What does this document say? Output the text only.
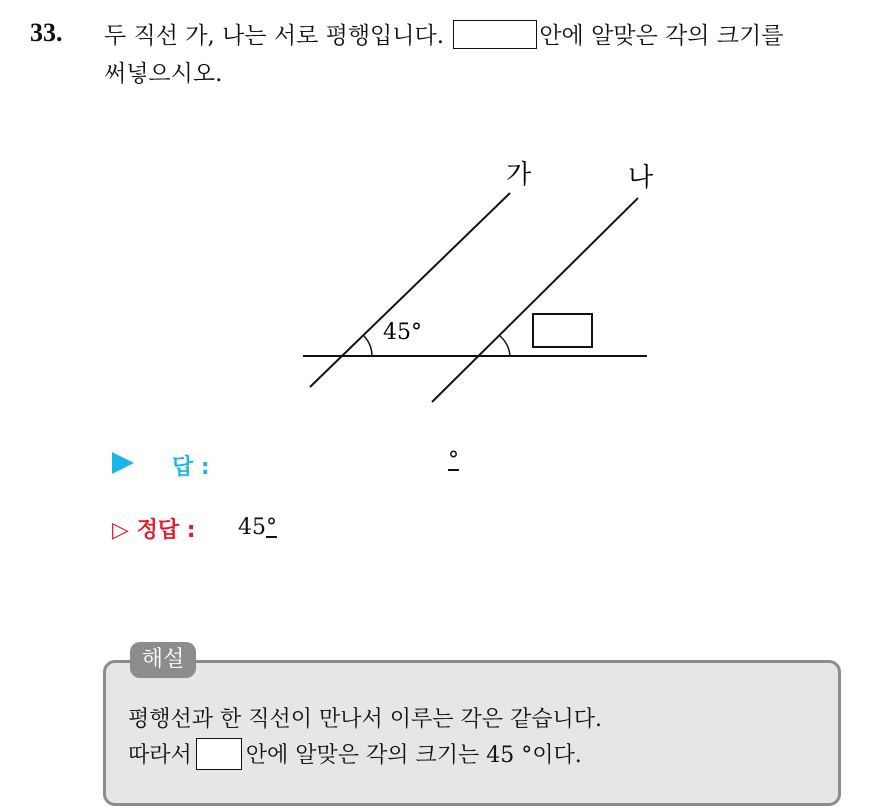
33. 두 직선 가, 나는 서로 평행입니다.	안에 알맞은 각의 크기를
써넣으시오.
가	나
45°
답 :	°
▷ 정답 : 45°
해설
평행선과 한 직선이 만나서 이루는 각은 같습니다.
따라서 안에 알맞은 각의 크기는 45 °이다.
